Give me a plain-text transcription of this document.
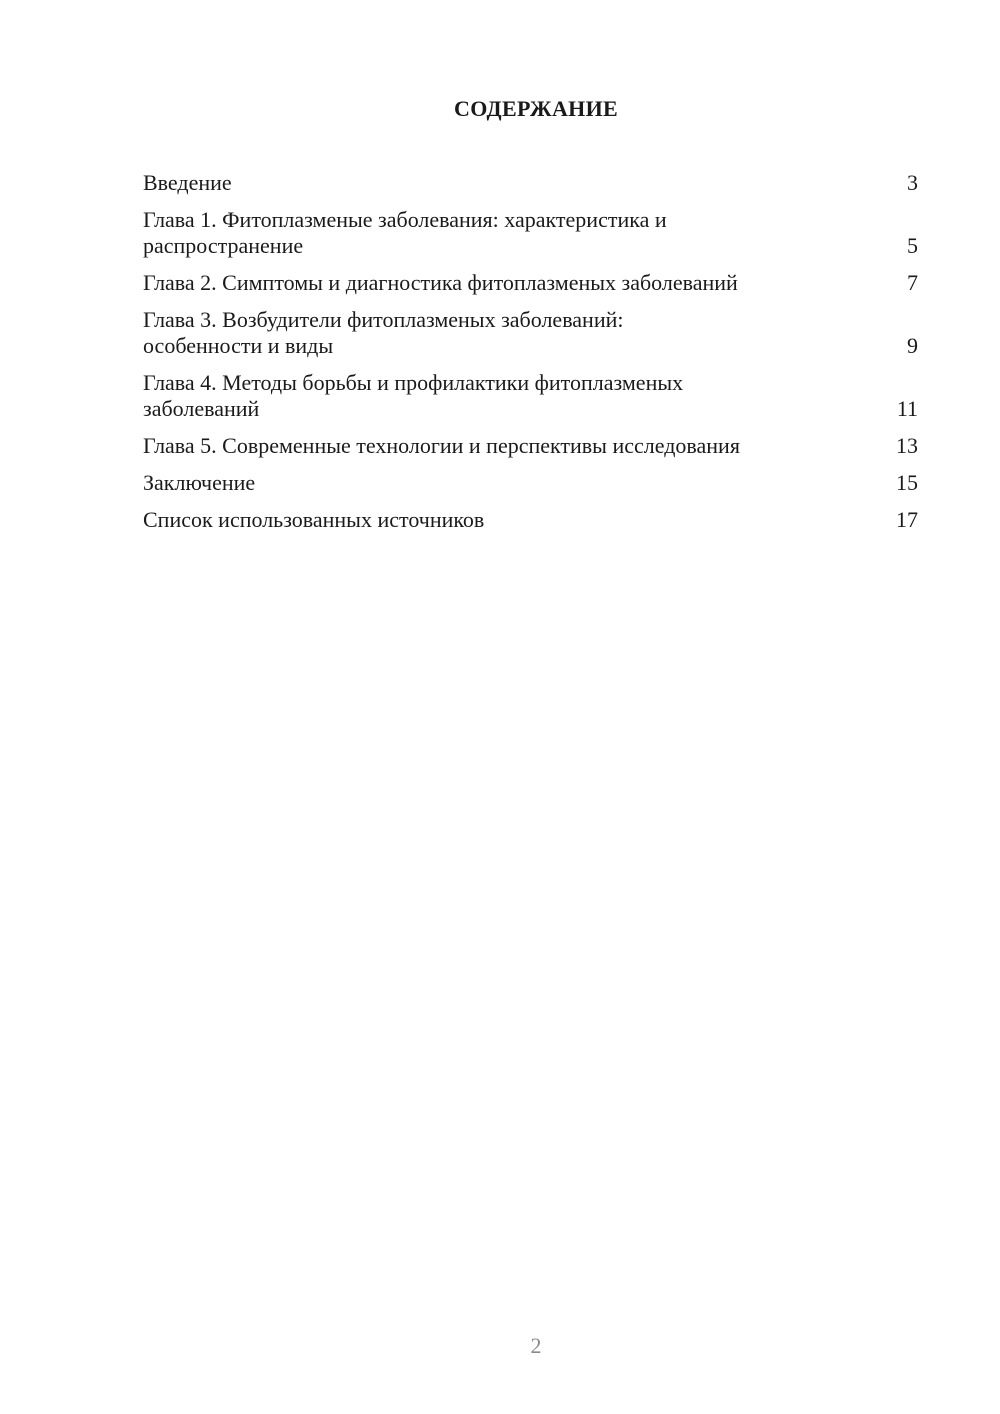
СОДЕРЖАНИЕ
Введение	3
Глава 1. Фитоплазменые заболевания: характеристика и
распространение	5
Глава 2. Симптомы и диагностика фитоплазменых заболеваний	7
Глава 3. Возбудители фитоплазменых заболеваний:
особенности и виды	9
Глава 4. Методы борьбы и профилактики фитоплазменых
заболеваний	11
Глава 5. Современные технологии и перспективы исследования	13
Заключение	15
Список использованных источников	17
2
